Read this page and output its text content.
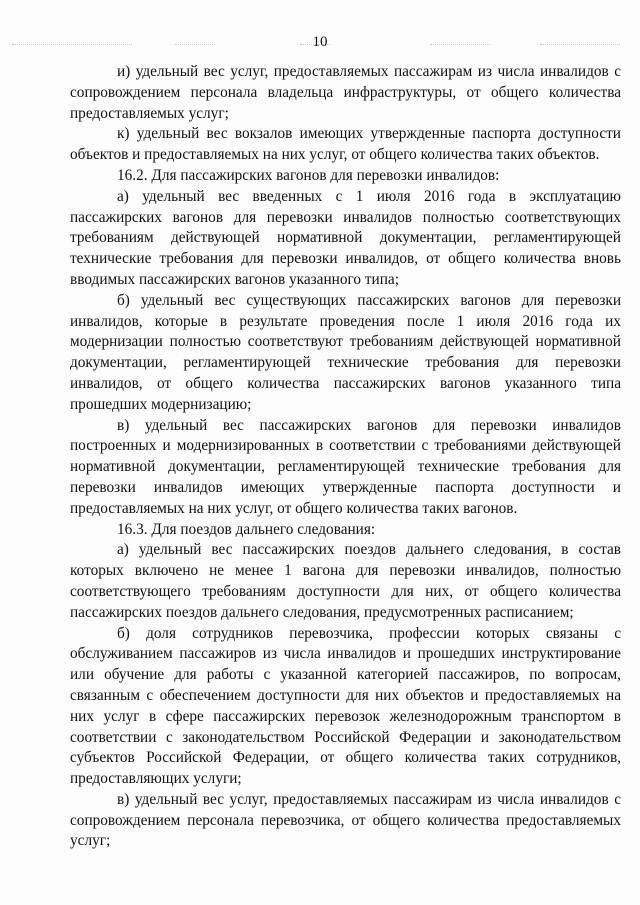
10

и) удельный вес услуг, предоставляемых пассажирам из числа инвалидов с сопровождением персонала владельца инфраструктуры, от общего количества предоставляемых услуг;

к) удельный вес вокзалов имеющих утвержденные паспорта доступности объектов и предоставляемых на них услуг, от общего количества таких объектов.

16.2. Для пассажирских вагонов для перевозки инвалидов:

а) удельный вес введенных с 1 июля 2016 года в эксплуатацию пассажирских вагонов для перевозки инвалидов полностью соответствующих требованиям действующей нормативной документации, регламентирующей технические требования для перевозки инвалидов, от общего количества вновь вводимых пассажирских вагонов указанного типа;

б) удельный вес существующих пассажирских вагонов для перевозки инвалидов, которые в результате проведения после 1 июля 2016 года их модернизации полностью соответствуют требованиям действующей нормативной документации, регламентирующей технические требования для перевозки инвалидов, от общего количества пассажирских вагонов указанного типа прошедших модернизацию;

в) удельный вес пассажирских вагонов для перевозки инвалидов построенных и модернизированных в соответствии с требованиями действующей нормативной документации, регламентирующей технические требования для перевозки инвалидов имеющих утвержденные паспорта доступности и предоставляемых на них услуг, от общего количества таких вагонов.

16.3. Для поездов дальнего следования:

а) удельный вес пассажирских поездов дальнего следования, в состав которых включено не менее 1 вагона для перевозки инвалидов, полностью соответствующего требованиям доступности для них, от общего количества пассажирских поездов дальнего следования, предусмотренных расписанием;

б) доля сотрудников перевозчика, профессии которых связаны с обслуживанием пассажиров из числа инвалидов и прошедших инструктирование или обучение для работы с указанной категорией пассажиров, по вопросам, связанным с обеспечением доступности для них объектов и предоставляемых на них услуг в сфере пассажирских перевозок железнодорожным транспортом в соответствии с законодательством Российской Федерации и законодательством субъектов Российской Федерации, от общего количества таких сотрудников, предоставляющих услуги;

в) удельный вес услуг, предоставляемых пассажирам из числа инвалидов с сопровождением персонала перевозчика, от общего количества предоставляемых услуг;
